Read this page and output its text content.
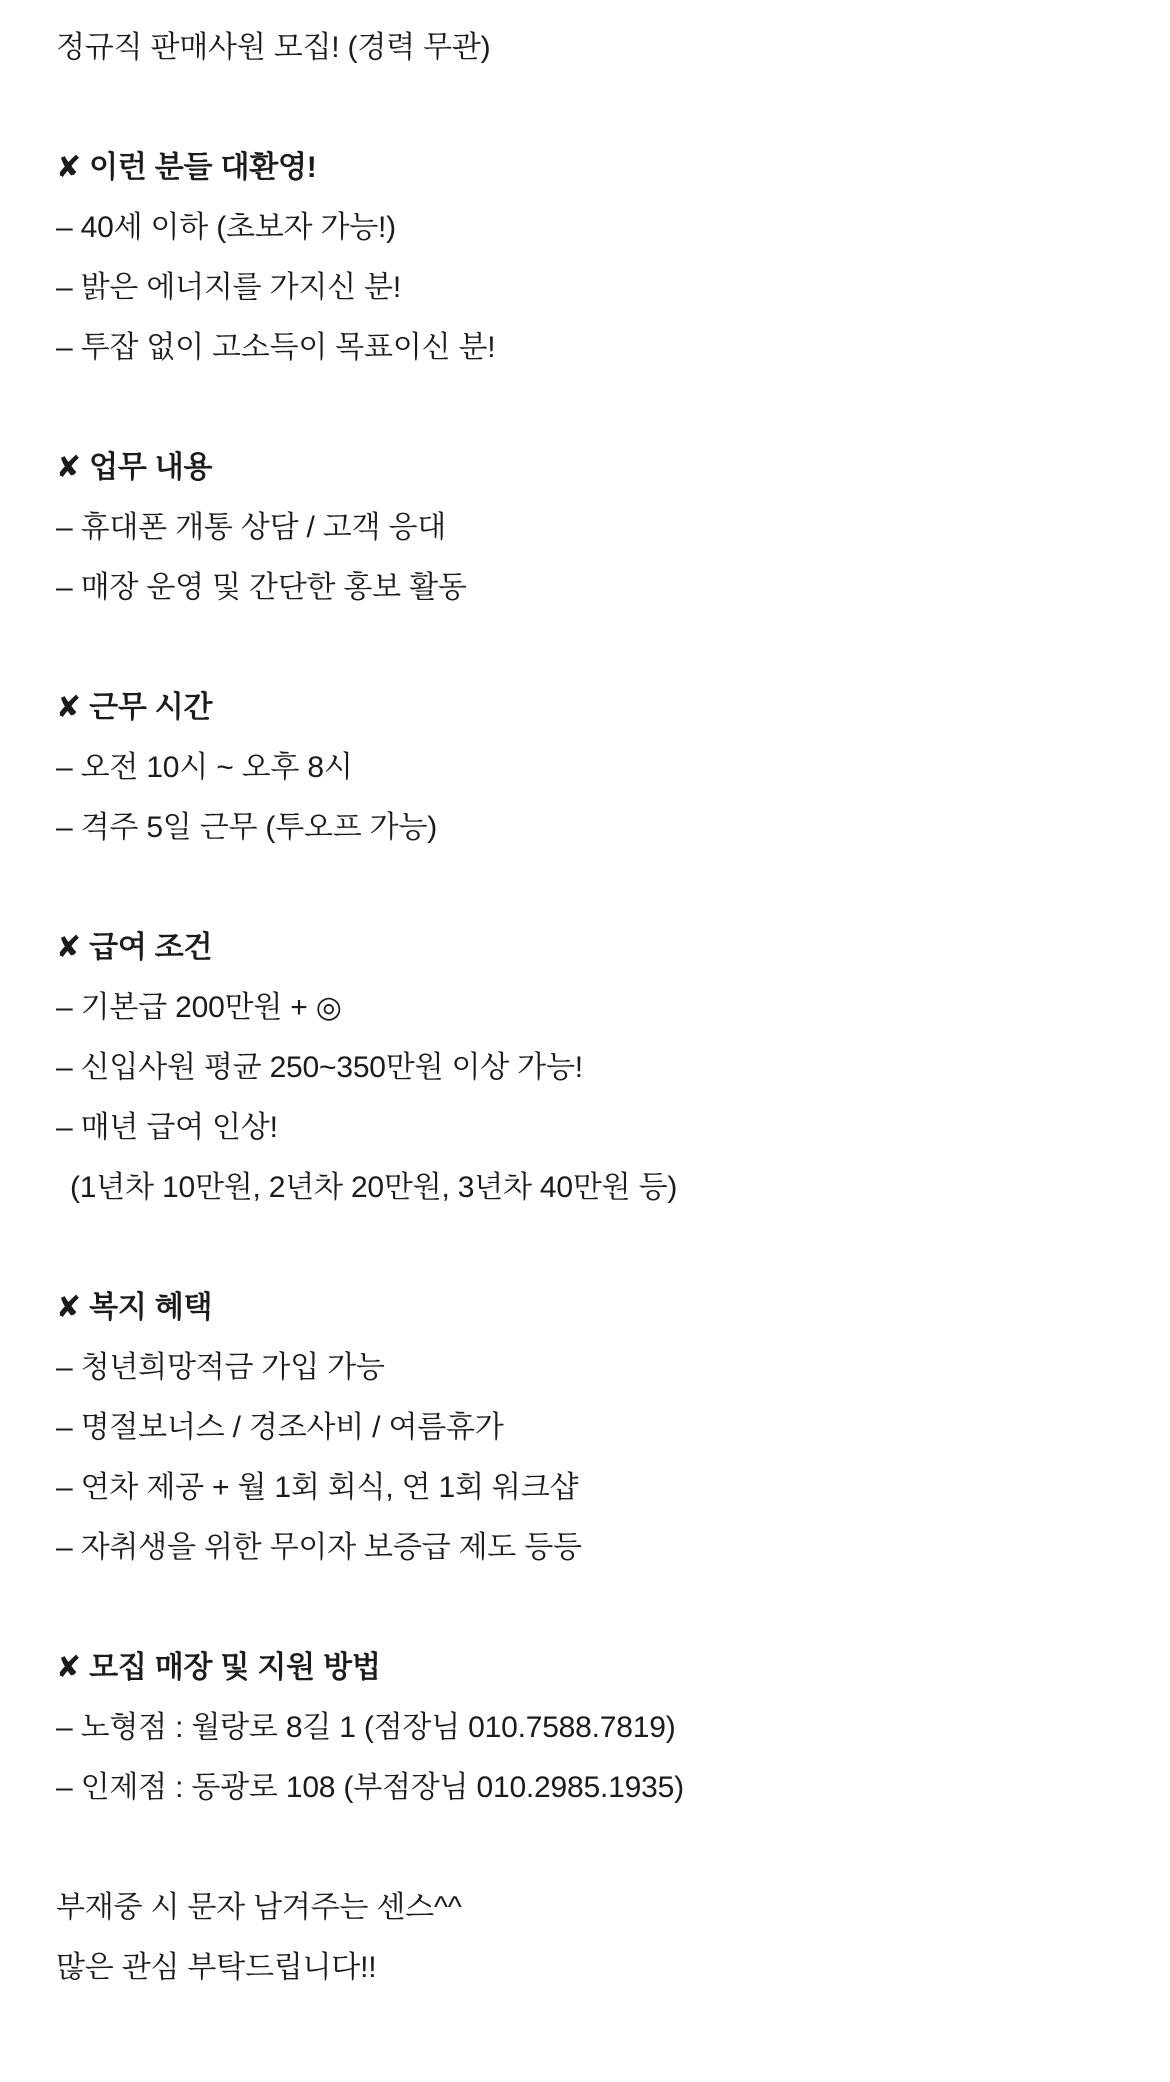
정규직 판매사원 모집! (경력 무관)
✘ 이런 분들 대환영!
– 40세 이하 (초보자 가능!)
– 밝은 에너지를 가지신 분!
– 투잡 없이 고소득이 목표이신 분!
✘ 업무 내용
– 휴대폰 개통 상담 / 고객 응대
– 매장 운영 및 간단한 홍보 활동
✘ 근무 시간
– 오전 10시 ~ 오후 8시
– 격주 5일 근무 (투오프 가능)
✘ 급여 조건
– 기본급 200만원 + ◎
– 신입사원 평균 250~350만원 이상 가능!
– 매년 급여 인상!
(1년차 10만원, 2년차 20만원, 3년차 40만원 등)
✘ 복지 혜택
– 청년희망적금 가입 가능
– 명절보너스 / 경조사비 / 여름휴가
– 연차 제공 + 월 1회 회식, 연 1회 워크샵
– 자취생을 위한 무이자 보증급 제도 등등
✘ 모집 매장 및 지원 방법
– 노형점 : 월랑로 8길 1 (점장님 010.7588.7819)
– 인제점 : 동광로 108 (부점장님 010.2985.1935)
부재중 시 문자 남겨주는 센스^^
많은 관심 부탁드립니다!!
